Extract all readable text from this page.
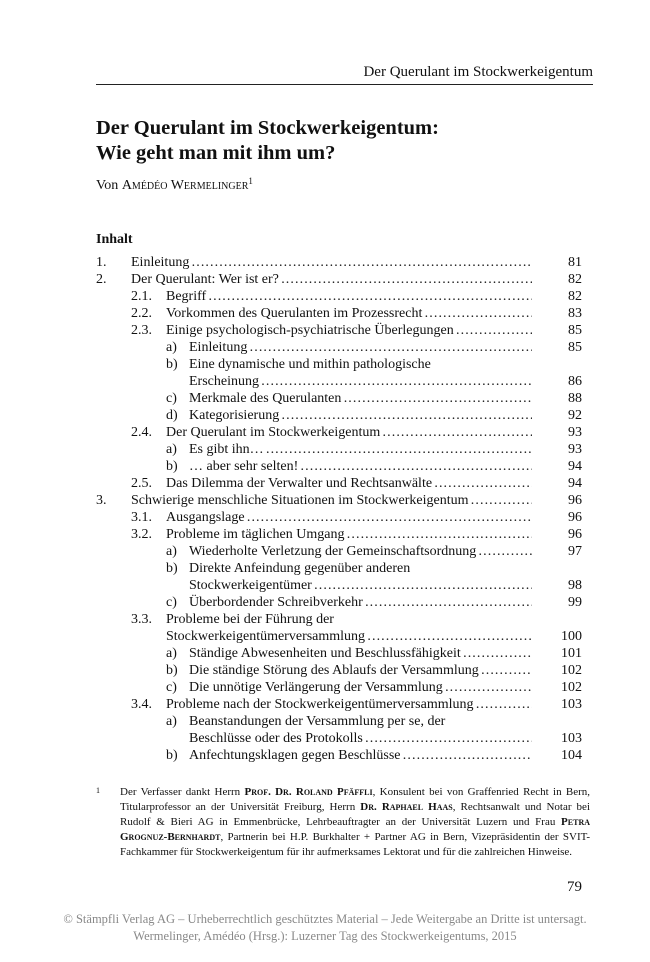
Der Querulant im Stockwerkeigentum
Der Querulant im Stockwerkeigentum:
Wie geht man mit ihm um?
Von Amédéo Wermelinger$^1$
Inhalt
1. Einleitung . . .	81
2. Der Querulant: Wer ist er? . . .	82
2.1. Begriff . . .	82
2.2. Vorkommen des Querulanten im Prozessrecht . . .	83
2.3. Einige psychologisch-psychiatrische Überlegungen . . .	85
a) Einleitung . . .	85
b) Eine dynamische und mithin pathologische
Erscheinung . . .	86
c) Merkmale des Querulanten . . .	88
d) Kategorisierung . . .	92
2.4. Der Querulant im Stockwerkeigentum . . .	93
a) Es gibt ihn… . . .	93
b) … aber sehr selten! . . .	94
2.5. Das Dilemma der Verwalter und Rechtsanwälte . . .	94
3. Schwierige menschliche Situationen im Stockwerkeigentum . . .	96
3.1. Ausgangslage . . .	96
3.2. Probleme im täglichen Umgang . . .	96
a) Wiederholte Verletzung der Gemeinschaftsordnung . . .	97
b) Direkte Anfeindung gegenüber anderen
Stockwerkeigentümer . . .	98
c) Überbordender Schreibverkehr . . .	99
3.3. Probleme bei der Führung der
Stockwerkeigentümerversammlung . . .	100
a) Ständige Abwesenheiten und Beschlussfähigkeit . . .	101
b) Die ständige Störung des Ablaufs der Versammlung . . .	102
c) Die unnötige Verlängerung der Versammlung . . .	102
3.4. Probleme nach der Stockwerkeigentümerversammlung . . .	103
a) Beanstandungen der Versammlung per se, der
Beschlüsse oder des Protokolls . . .	103
b) Anfechtungsklagen gegen Beschlüsse . . .	104
1 Der Verfasser dankt Herrn Prof. Dr. Roland Pfäffli, Konsulent bei von Graffenried Recht in Bern, Titularprofessor an der Universität Freiburg, Herrn Dr. Raphael Haas, Rechtsanwalt und Notar bei Rudolf & Bieri AG in Emmenbrücke, Lehrbeauftragter an der Universität Luzern und Frau Petra Grognuz-Bernhardt, Partnerin bei H.P. Burkhalter + Partner AG in Bern, Vizepräsidentin der SVIT-Fachkammer für Stockwerkeigentum für ihr aufmerksames Lektorat und für die zahlreichen Hinweise.
79
© Stämpfli Verlag AG – Urheberrechtlich geschütztes Material – Jede Weitergabe an Dritte ist untersagt.
Wermelinger, Amédéo (Hrsg.): Luzerner Tag des Stockwerkeigentums, 2015
